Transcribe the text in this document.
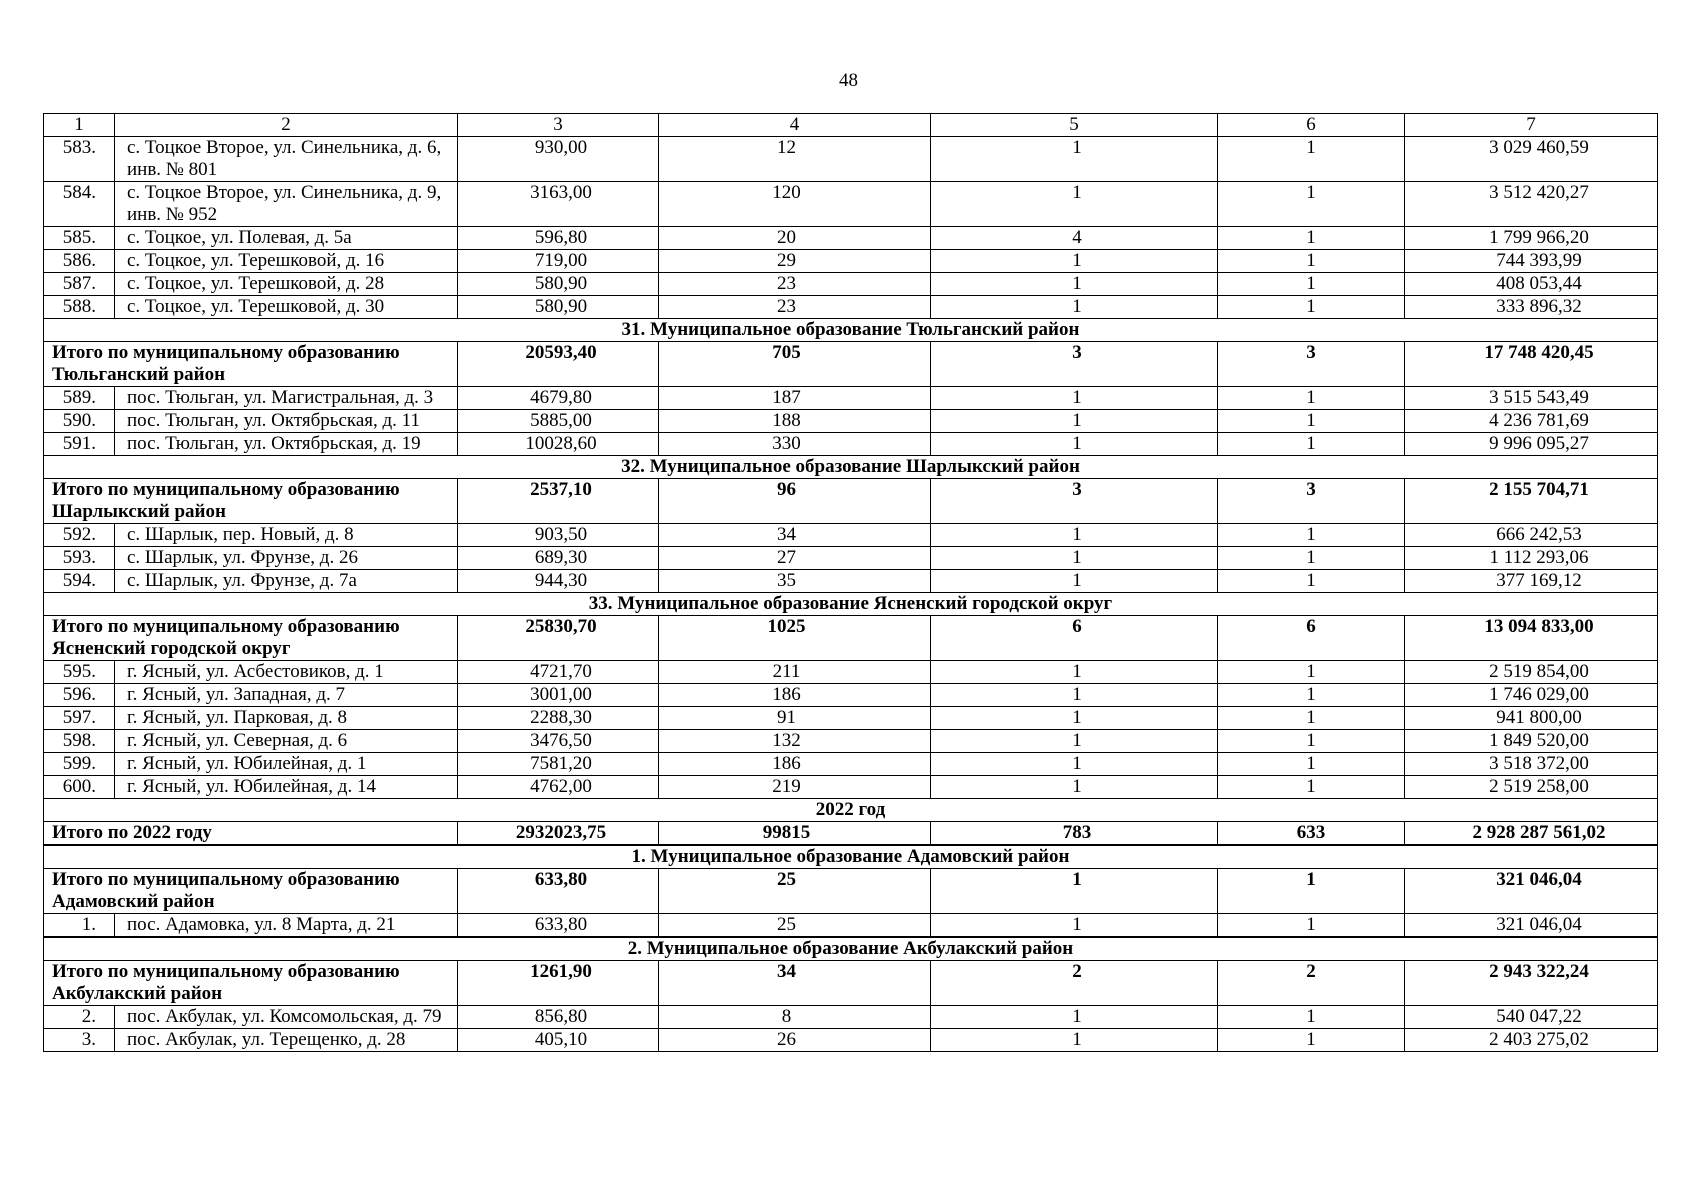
48
1	2	3	4	5	6	7
583.	с. Тоцкое Второе, ул. Синельника, д. 6, инв. № 801	930,00	12	1	1	3 029 460,59
584.	с. Тоцкое Второе, ул. Синельника, д. 9, инв. № 952	3163,00	120	1	1	3 512 420,27
585.	с. Тоцкое, ул. Полевая, д. 5а	596,80	20	4	1	1 799 966,20
586.	с. Тоцкое, ул. Терешковой, д. 16	719,00	29	1	1	744 393,99
587.	с. Тоцкое, ул. Терешковой, д. 28	580,90	23	1	1	408 053,44
588.	с. Тоцкое, ул. Терешковой, д. 30	580,90	23	1	1	333 896,32
31. Муниципальное образование Тюльганский район						
Итого по муниципальному образованию Тюльганский район		20593,40	705	3	3	17 748 420,45
589.	пос. Тюльган, ул. Магистральная, д. 3	4679,80	187	1	1	3 515 543,49
590.	пос. Тюльган, ул. Октябрьская, д. 11	5885,00	188	1	1	4 236 781,69
591.	пос. Тюльган, ул. Октябрьская, д. 19	10028,60	330	1	1	9 996 095,27
32. Муниципальное образование Шарлыкский район						
Итого по муниципальному образованию Шарлыкский район		2537,10	96	3	3	2 155 704,71
592.	с. Шарлык, пер. Новый, д. 8	903,50	34	1	1	666 242,53
593.	с. Шарлык, ул. Фрунзе, д. 26	689,30	27	1	1	1 112 293,06
594.	с. Шарлык, ул. Фрунзе, д. 7а	944,30	35	1	1	377 169,12
33. Муниципальное образование Ясненский городской округ						
Итого по муниципальному образованию Ясненский городской округ		25830,70	1025	6	6	13 094 833,00
595.	г. Ясный, ул. Асбестовиков, д. 1	4721,70	211	1	1	2 519 854,00
596.	г. Ясный, ул. Западная, д. 7	3001,00	186	1	1	1 746 029,00
597.	г. Ясный, ул. Парковая, д. 8	2288,30	91	1	1	941 800,00
598.	г. Ясный, ул. Северная, д. 6	3476,50	132	1	1	1 849 520,00
599.	г. Ясный, ул. Юбилейная, д. 1	7581,20	186	1	1	3 518 372,00
600.	г. Ясный, ул. Юбилейная, д. 14	4762,00	219	1	1	2 519 258,00
2022 год						
Итого по 2022 году		2932023,75	99815	783	633	2 928 287 561,02
1. Муниципальное образование Адамовский район						
Итого по муниципальному образованию Адамовский район		633,80	25	1	1	321 046,04
1.	пос. Адамовка, ул. 8 Марта, д. 21	633,80	25	1	1	321 046,04
2. Муниципальное образование Акбулакский район						
Итого по муниципальному образованию Акбулакский район		1261,90	34	2	2	2 943 322,24
2.	пос. Акбулак, ул. Комсомольская, д. 79	856,80	8	1	1	540 047,22
3.	пос. Акбулак, ул. Терещенко, д. 28	405,10	26	1	1	2 403 275,02
